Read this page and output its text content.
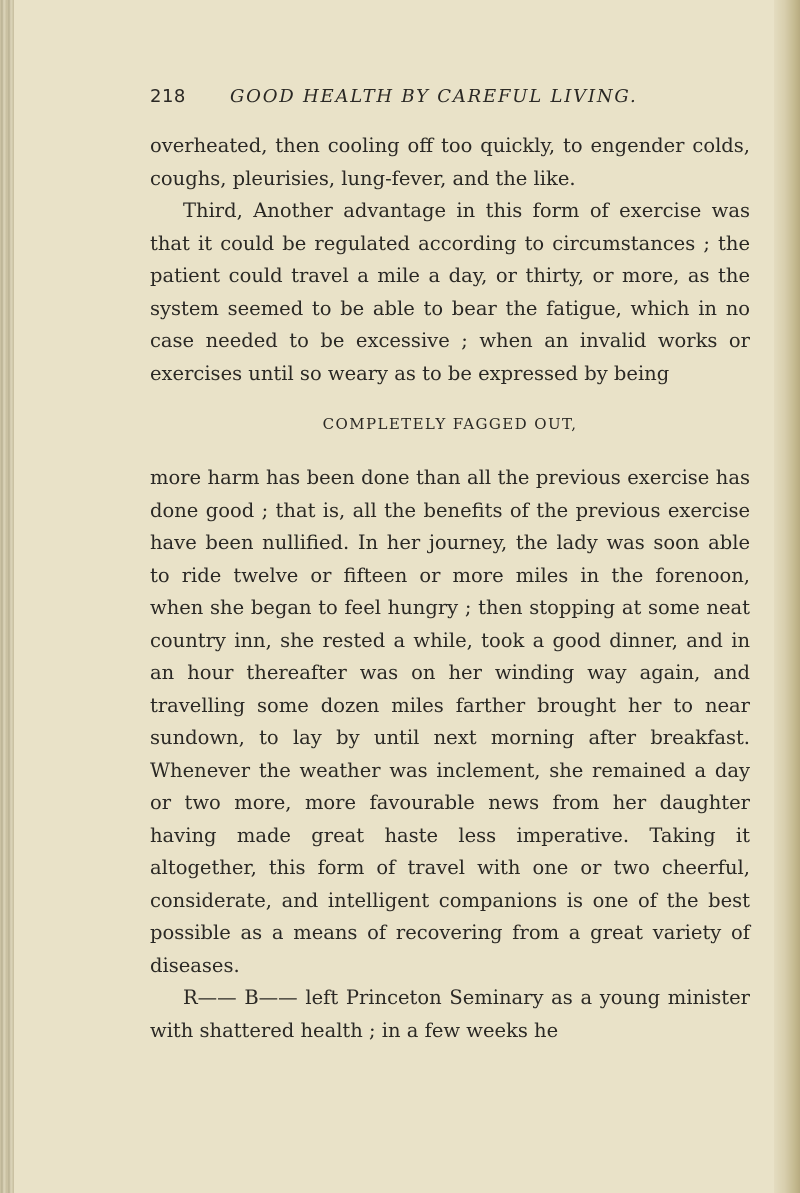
218 GOOD HEALTH BY CAREFUL LIVING.

overheated, then cooling off too quickly, to engender colds, coughs, pleurisies, lung-fever, and the like.

Third, Another advantage in this form of exercise was that it could be regulated according to circumstances ; the patient could travel a mile a day, or thirty, or more, as the system seemed to be able to bear the fatigue, which in no case needed to be excessive ; when an invalid works or exercises until so weary as to be expressed by being

COMPLETELY FAGGED OUT,

more harm has been done than all the previous exercise has done good ; that is, all the benefits of the previous exercise have been nullified. In her journey, the lady was soon able to ride twelve or fifteen or more miles in the forenoon, when she began to feel hungry ; then stopping at some neat country inn, she rested a while, took a good dinner, and in an hour thereafter was on her winding way again, and travelling some dozen miles farther brought her to near sundown, to lay by until next morning after breakfast. Whenever the weather was inclement, she remained a day or two more, more favourable news from her daughter having made great haste less imperative. Taking it altogether, this form of travel with one or two cheerful, considerate, and intelligent companions is one of the best possible as a means of recovering from a great variety of diseases.

R—— B—— left Princeton Seminary as a young minister with shattered health ; in a few weeks he
